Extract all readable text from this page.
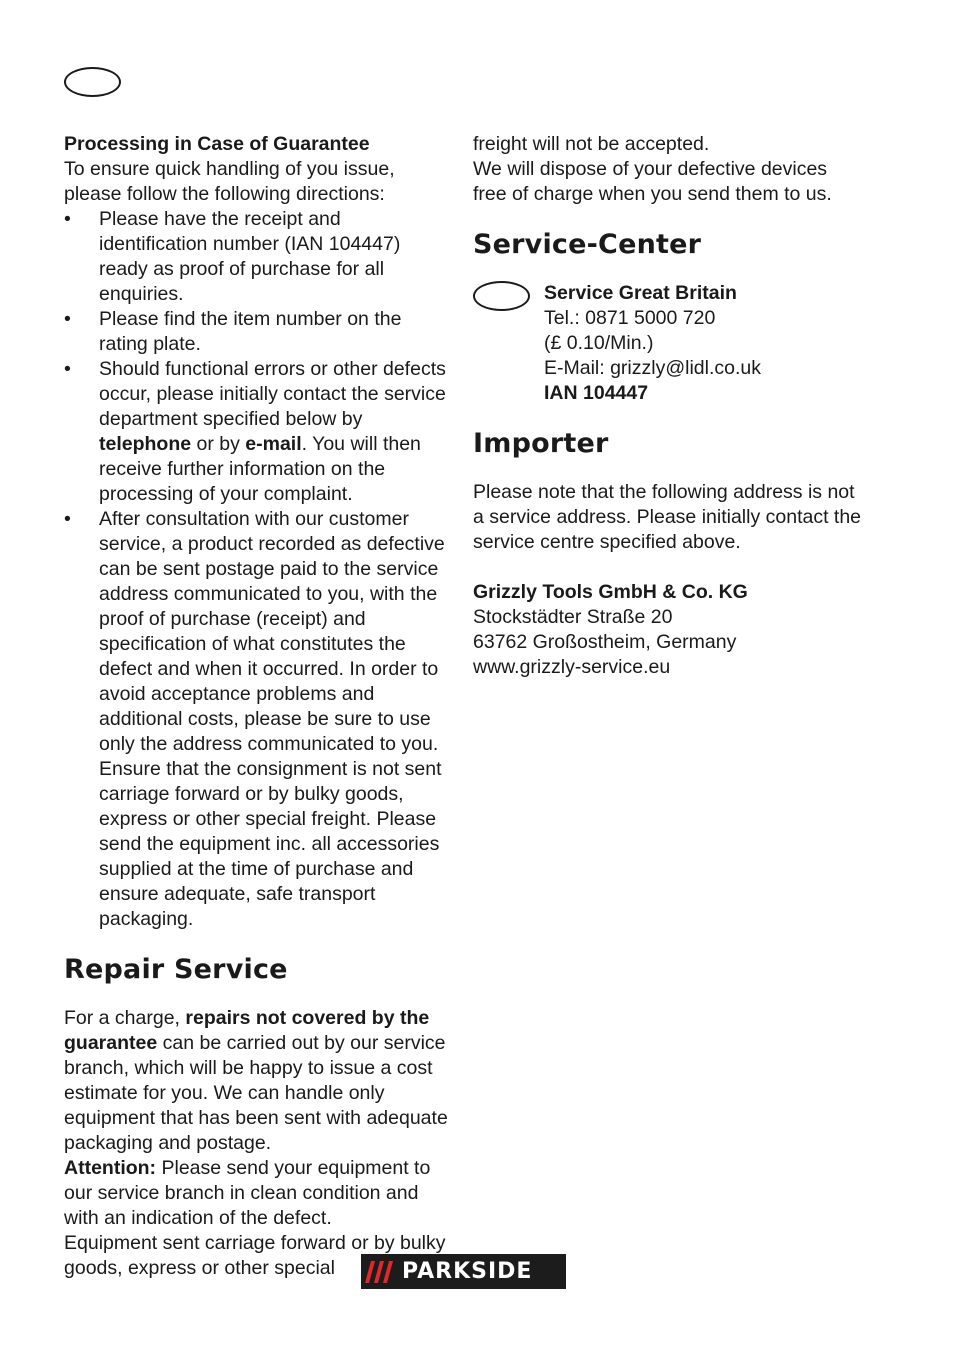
Processing in Case of Guarantee

To ensure quick handling of you issue, please follow the following directions:

• Please have the receipt and identification number (IAN 104447) ready as proof of purchase for all enquiries.
• Please find the item number on the rating plate.
• Should functional errors or other defects occur, please initially contact the service department specified below by telephone or by e-mail. You will then receive further information on the processing of your complaint.
• After consultation with our customer service, a product recorded as defective can be sent postage paid to the service address communicated to you, with the proof of purchase (receipt) and specification of what constitutes the defect and when it occurred. In order to avoid acceptance problems and additional costs, please be sure to use only the address communicated to you. Ensure that the consignment is not sent carriage forward or by bulky goods, express or other special freight. Please send the equipment inc. all accessories supplied at the time of purchase and ensure adequate, safe transport packaging.
Repair Service

For a charge, repairs not covered by the guarantee can be carried out by our service branch, which will be happy to issue a cost estimate for you. We can handle only equipment that has been sent with adequate packaging and postage.

Attention: Please send your equipment to our service branch in clean condition and with an indication of the defect.

Equipment sent carriage forward or by bulky goods, express or other special

freight will not be accepted.

We will dispose of your defective devices free of charge when you send them to us.

Service-Center

Service Great Britain

Tel.: 0871 5000 720

(£ 0.10/Min.)

E-Mail: grizzly@lidl.co.uk

IAN 104447

Importer

Please note that the following address is not a service address. Please initially contact the service centre specified above.

Grizzly Tools GmbH & Co. KG

Stockstädter Straße 20

63762 Großostheim, Germany

www.grizzly-service.eu

PARKSIDE
